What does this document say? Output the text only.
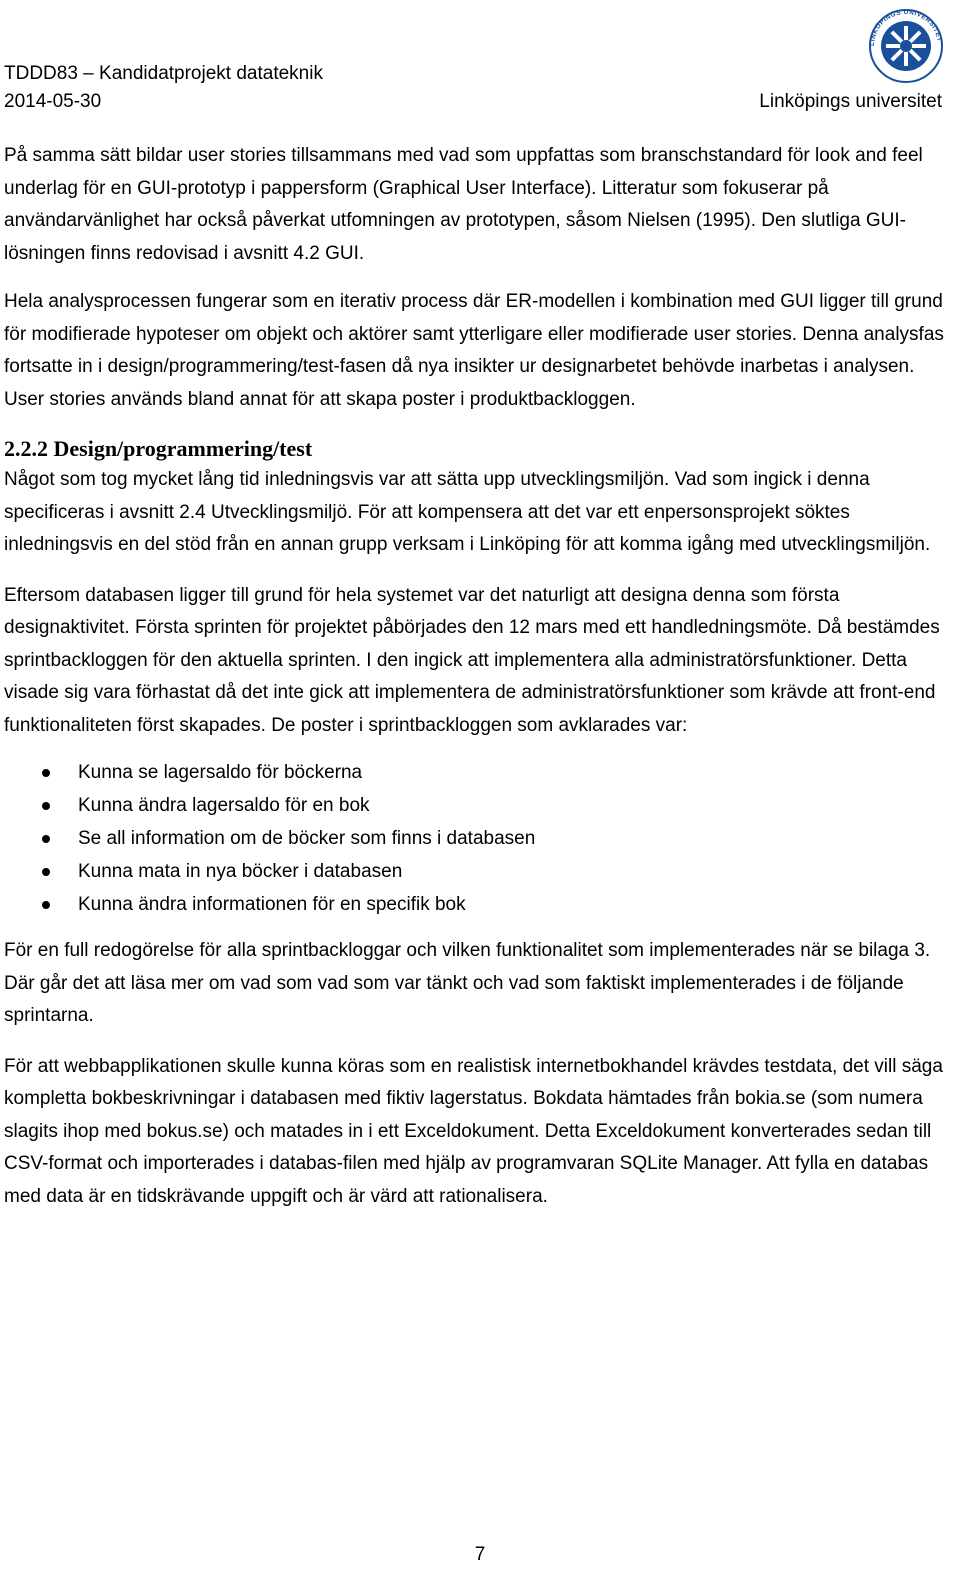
TDDD83 – Kandidatprojekt datateknik
2014-05-30	Linköpings universitet
LINKÖPINGS UNIVERSITET

På samma sätt bildar user stories tillsammans med vad som uppfattas som branschstandard för look and feel underlag för en GUI-prototyp i pappersform (Graphical User Interface). Litteratur som fokuserar på användarvänlighet har också påverkat utfomningen av prototypen, såsom Nielsen (1995). Den slutliga GUI-lösningen finns redovisad i avsnitt 4.2 GUI.

Hela analysprocessen fungerar som en iterativ process där ER-modellen i kombination med GUI ligger till grund för modifierade hypoteser om objekt och aktörer samt ytterligare eller modifierade user stories. Denna analysfas fortsatte in i design/programmering/test-fasen då nya insikter ur designarbetet behövde inarbetas i analysen. User stories används bland annat för att skapa poster i produktbackloggen.

2.2.2 Design/programmering/test

Något som tog mycket lång tid inledningsvis var att sätta upp utvecklingsmiljön. Vad som ingick i denna specificeras i avsnitt 2.4 Utvecklingsmiljö. För att kompensera att det var ett enpersonsprojekt söktes inledningsvis en del stöd från en annan grupp verksam i Linköping för att komma igång med utvecklingsmiljön.

Eftersom databasen ligger till grund för hela systemet var det naturligt att designa denna som första designaktivitet. Första sprinten för projektet påbörjades den 12 mars med ett handledningsmöte. Då bestämdes sprintbackloggen för den aktuella sprinten. I den ingick att implementera alla administratörsfunktioner. Detta visade sig vara förhastat då det inte gick att implementera de administratörsfunktioner som krävde att front-end funktionaliteten först skapades. De poster i sprintbackloggen som avklarades var:

Kunna se lagersaldo för böckerna
Kunna ändra lagersaldo för en bok
Se all information om de böcker som finns i databasen
Kunna mata in nya böcker i databasen
Kunna ändra informationen för en specifik bok

För en full redogörelse för alla sprintbackloggar och vilken funktionalitet som implementerades när se bilaga 3. Där går det att läsa mer om vad som vad som var tänkt och vad som faktiskt implementerades i de följande sprintarna.

För att webbapplikationen skulle kunna köras som en realistisk internetbokhandel krävdes testdata, det vill säga kompletta bokbeskrivningar i databasen med fiktiv lagerstatus. Bokdata hämtades från bokia.se (som numera slagits ihop med bokus.se) och matades in i ett Exceldokument. Detta Exceldokument konverterades sedan till CSV-format och importerades i databas-filen med hjälp av programvaran SQLite Manager. Att fylla en databas med data är en tidskrävande uppgift och är värd att rationalisera.

7
